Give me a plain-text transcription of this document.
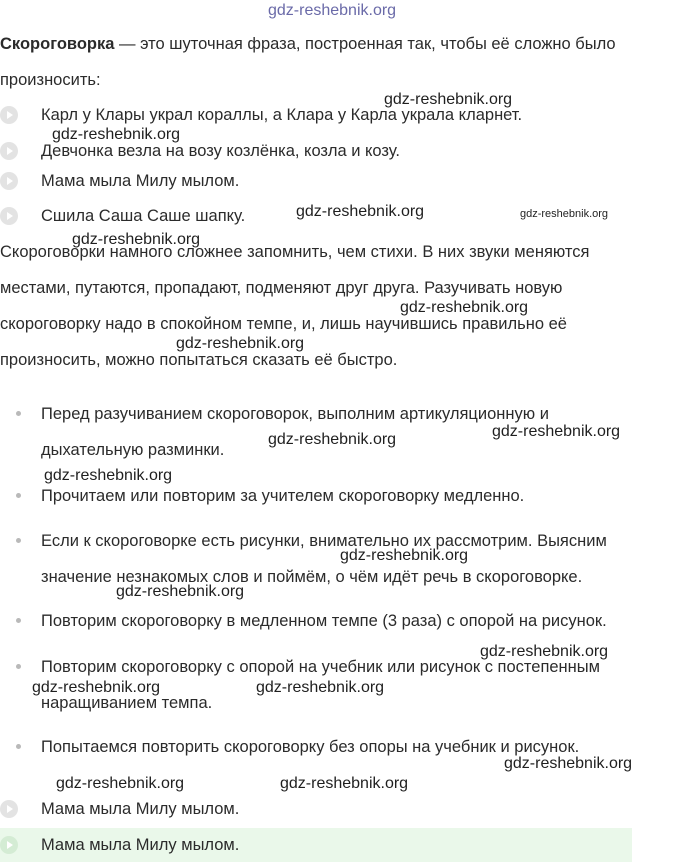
gdz-reshebnik.org
Скороговорка — это шуточная фраза, построенная так, чтобы её сложно было
произносить:
Карл у Клары украл кораллы, а Клара у Карла украла кларнет.
Девчонка везла на возу козлёнка, козла и козу.
Мама мыла Милу мылом.
Сшила Саша Саше шапку.
Скороговорки намного сложнее запомнить, чем стихи. В них звуки меняются
местами, путаются, пропадают, подменяют друг друга. Разучивать новую
скороговорку надо в спокойном темпе, и, лишь научившись правильно её
произносить, можно попытаться сказать её быстро.
Перед разучиванием скороговорок, выполним артикуляционную и
дыхательную разминки.
Прочитаем или повторим за учителем скороговорку медленно.
Если к скороговорке есть рисунки, внимательно их рассмотрим. Выясним
значение незнакомых слов и поймём, о чём идёт речь в скороговорке.
Повторим скороговорку в медленном темпе (3 раза) с опорой на рисунок.
Повторим скороговорку с опорой на учебник или рисунок с постепенным
наращиванием темпа.
Попытаемся повторить скороговорку без опоры на учебник и рисунок.
Мама мыла Милу мылом.
Мама мыла Милу мылом.
gdz-reshebnik.org
gdz-reshebnik.org
gdz-reshebnik.org	gdz-reshebnik.org
gdz-reshebnik.org
gdz-reshebnik.org
gdz-reshebnik.org
gdz-reshebnik.org	gdz-reshebnik.org
gdz-reshebnik.org
gdz-reshebnik.org
gdz-reshebnik.org
gdz-reshebnik.org
gdz-reshebnik.org	gdz-reshebnik.org
gdz-reshebnik.org
gdz-reshebnik.org	gdz-reshebnik.org
